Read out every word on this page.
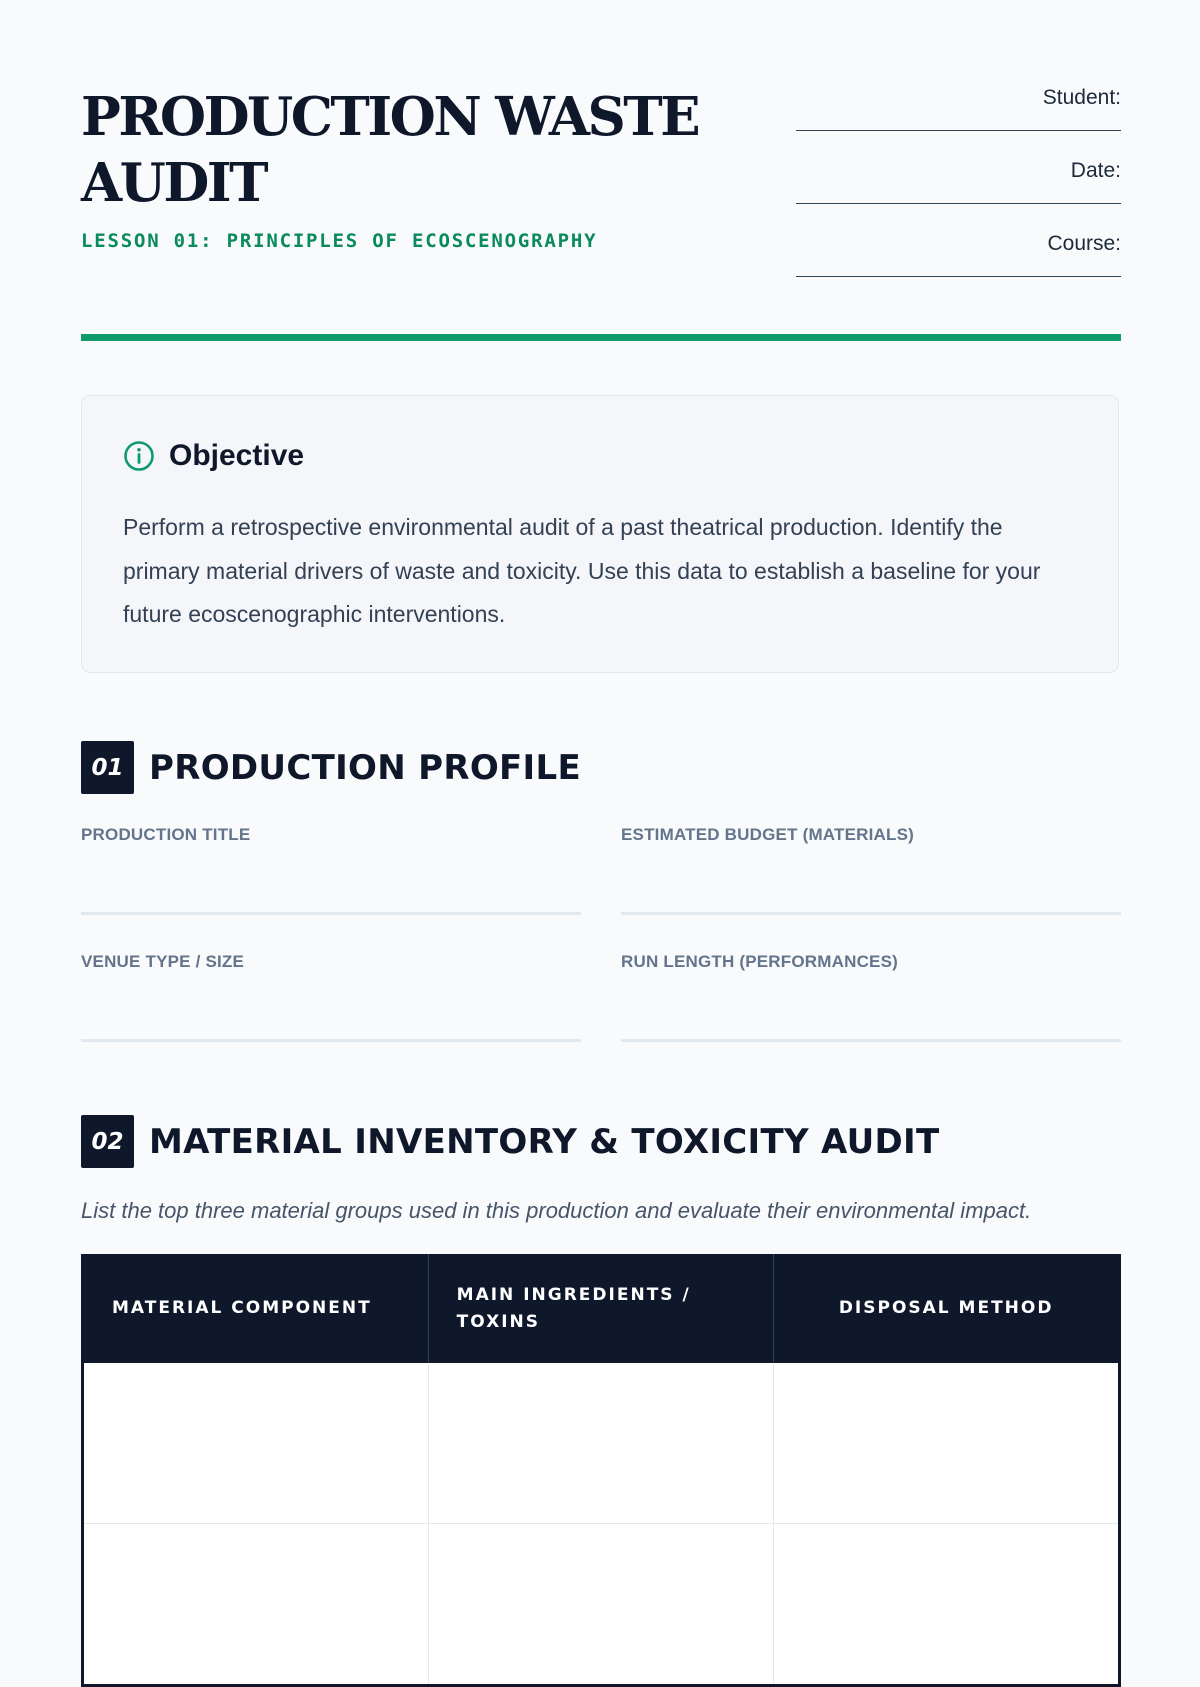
PRODUCTION WASTE AUDIT

LESSON 01: PRINCIPLES OF ECOSCENOGRAPHY

Student:
Date:
Course:
Objective

Perform a retrospective environmental audit of a past theatrical production. Identify the primary material drivers of waste and toxicity. Use this data to establish a baseline for your future ecoscenographic interventions.

01 PRODUCTION PROFILE
PRODUCTION TITLE	ESTIMATED BUDGET (MATERIALS)
VENUE TYPE / SIZE	RUN LENGTH (PERFORMANCES)
02 MATERIAL INVENTORY & TOXICITY AUDIT

List the top three material groups used in this production and evaluate their environmental impact.

MATERIAL COMPONENT	MAIN INGREDIENTS / TOXINS	DISPOSAL METHOD
